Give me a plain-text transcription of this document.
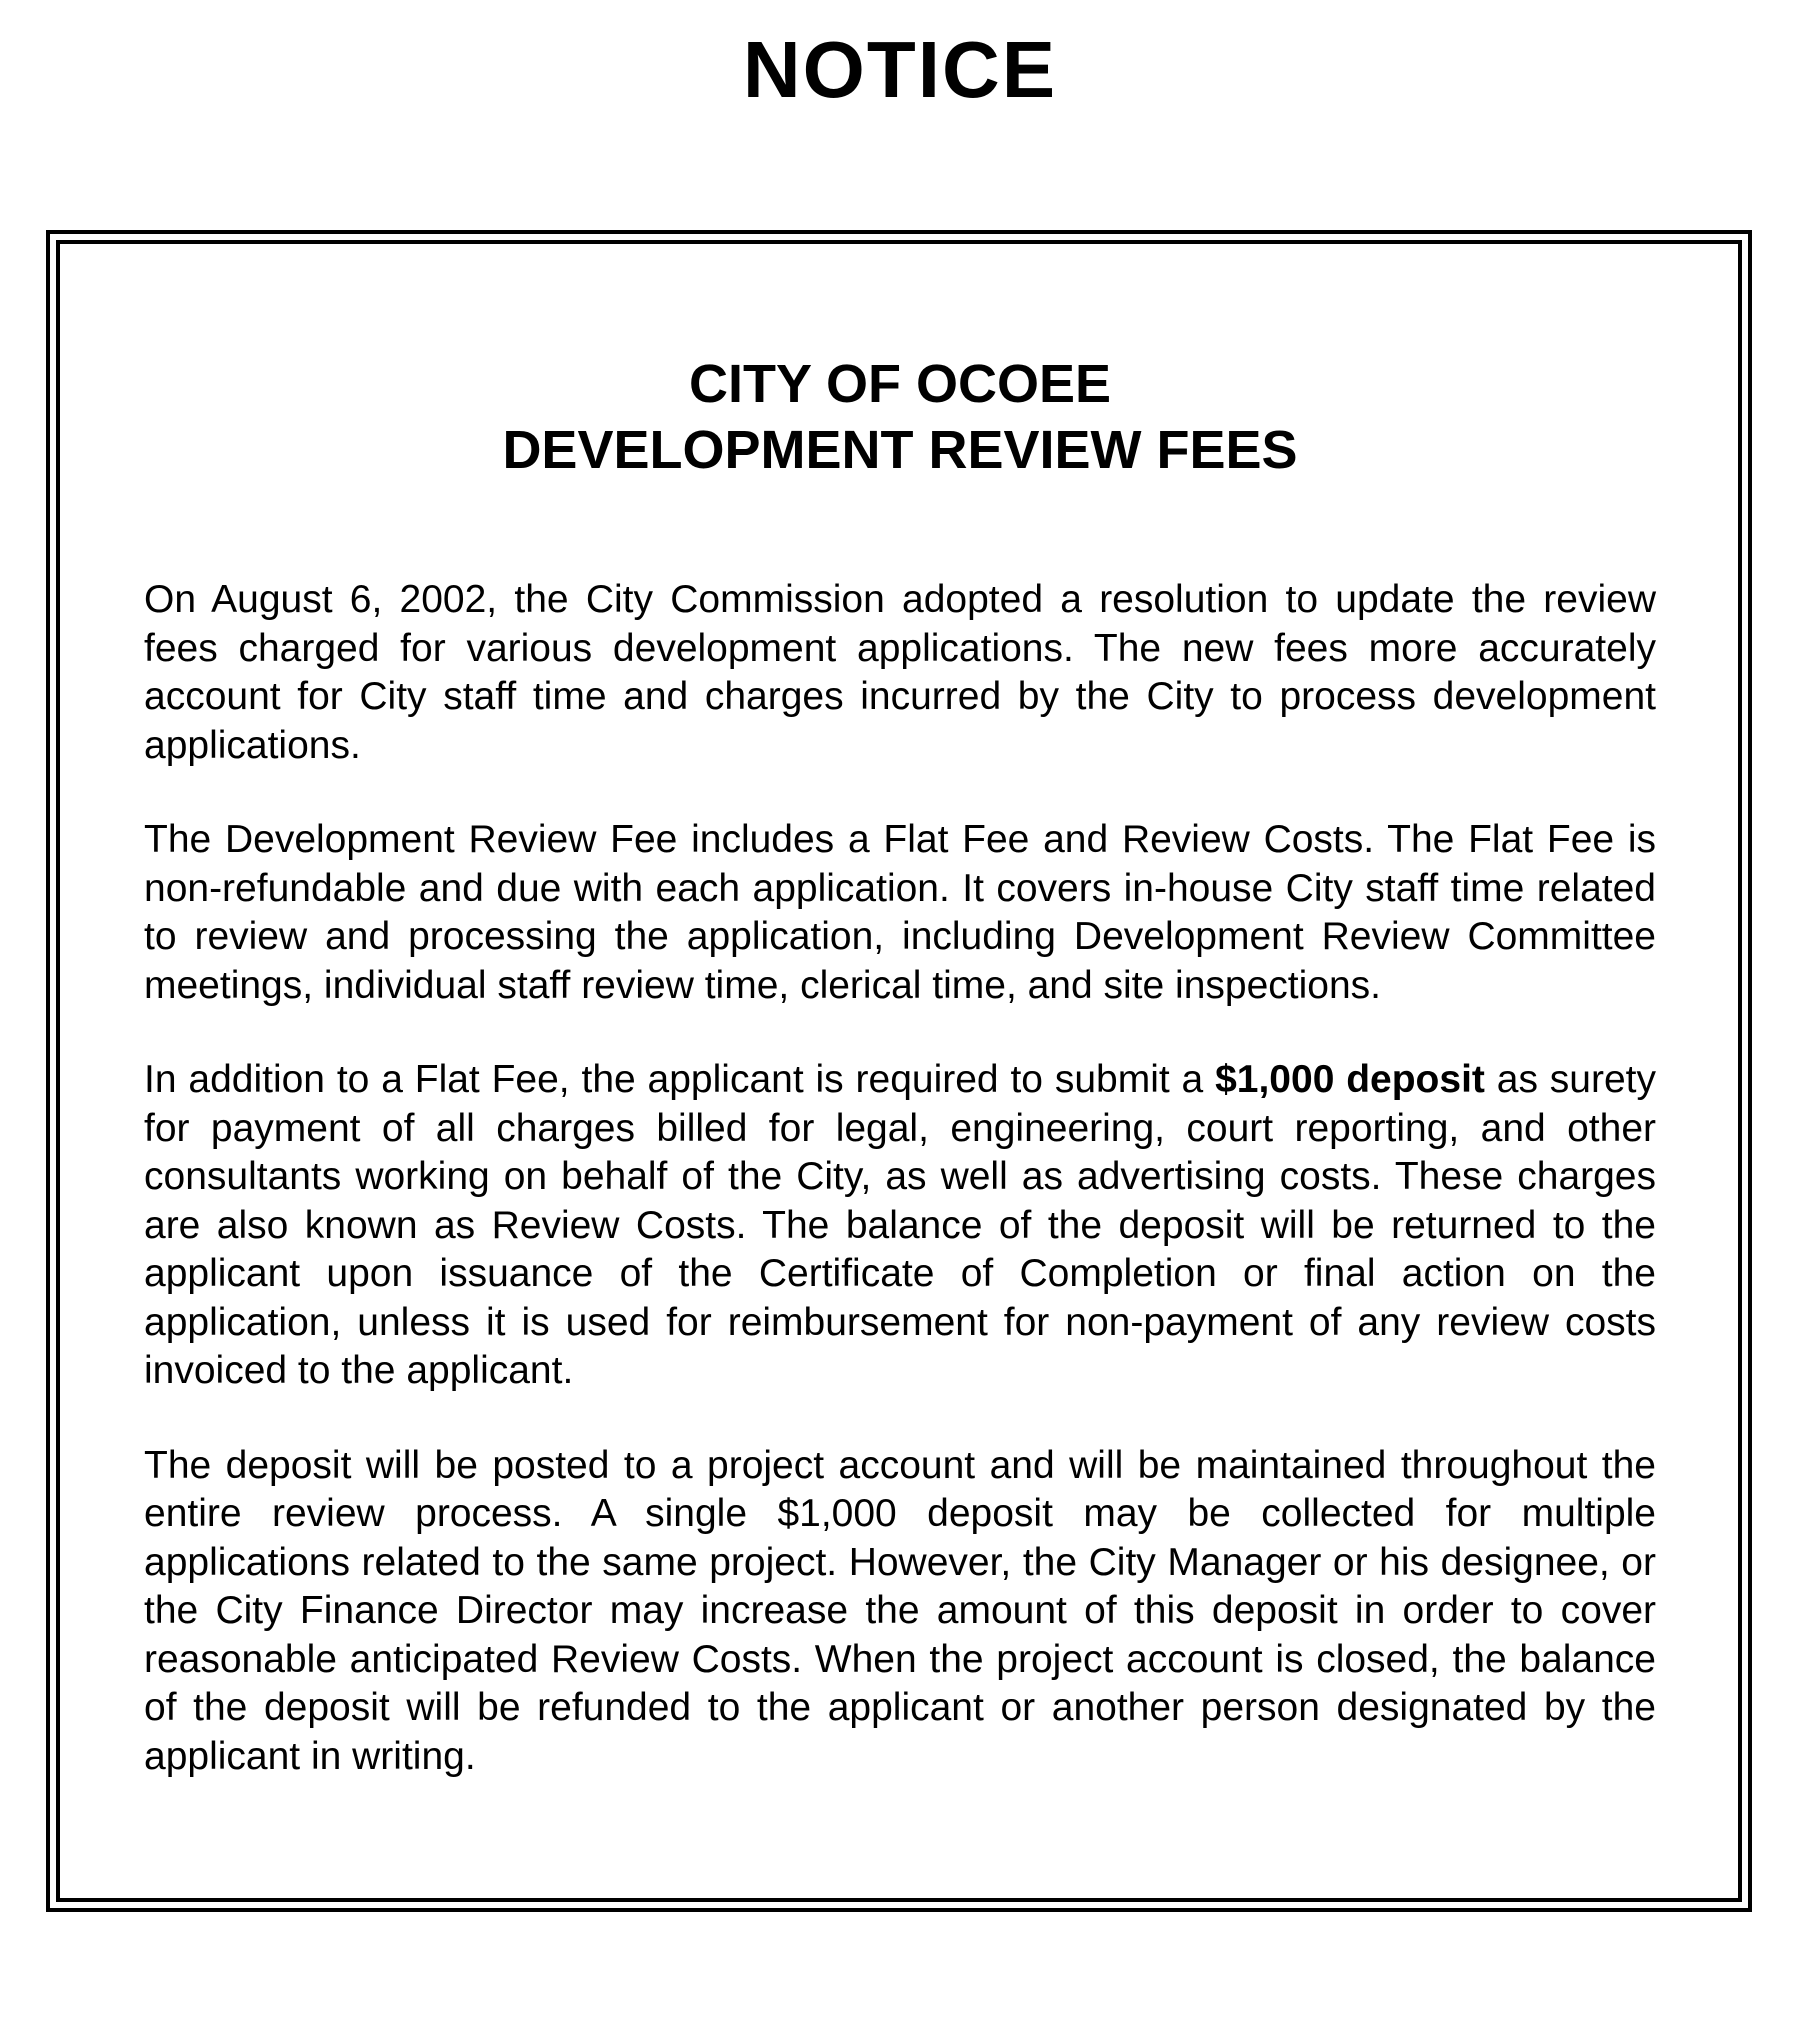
NOTICE
CITY OF OCOEE
DEVELOPMENT REVIEW FEES

On August 6, 2002, the City Commission adopted a resolution to update the review fees charged for various development applications. The new fees more accurately account for City staff time and charges incurred by the City to process development applications.

The Development Review Fee includes a Flat Fee and Review Costs. The Flat Fee is non-refundable and due with each application. It covers in-house City staff time related to review and processing the application, including Development Review Committee meetings, individual staff review time, clerical time, and site inspections.

In addition to a Flat Fee, the applicant is required to submit a $1,000 deposit as surety for payment of all charges billed for legal, engineering, court reporting, and other consultants working on behalf of the City, as well as advertising costs. These charges are also known as Review Costs. The balance of the deposit will be returned to the applicant upon issuance of the Certificate of Completion or final action on the application, unless it is used for reimbursement for non-payment of any review costs invoiced to the applicant.

The deposit will be posted to a project account and will be maintained throughout the entire review process. A single $1,000 deposit may be collected for multiple applications related to the same project. However, the City Manager or his designee, or the City Finance Director may increase the amount of this deposit in order to cover reasonable anticipated Review Costs. When the project account is closed, the balance of the deposit will be refunded to the applicant or another person designated by the applicant in writing.
